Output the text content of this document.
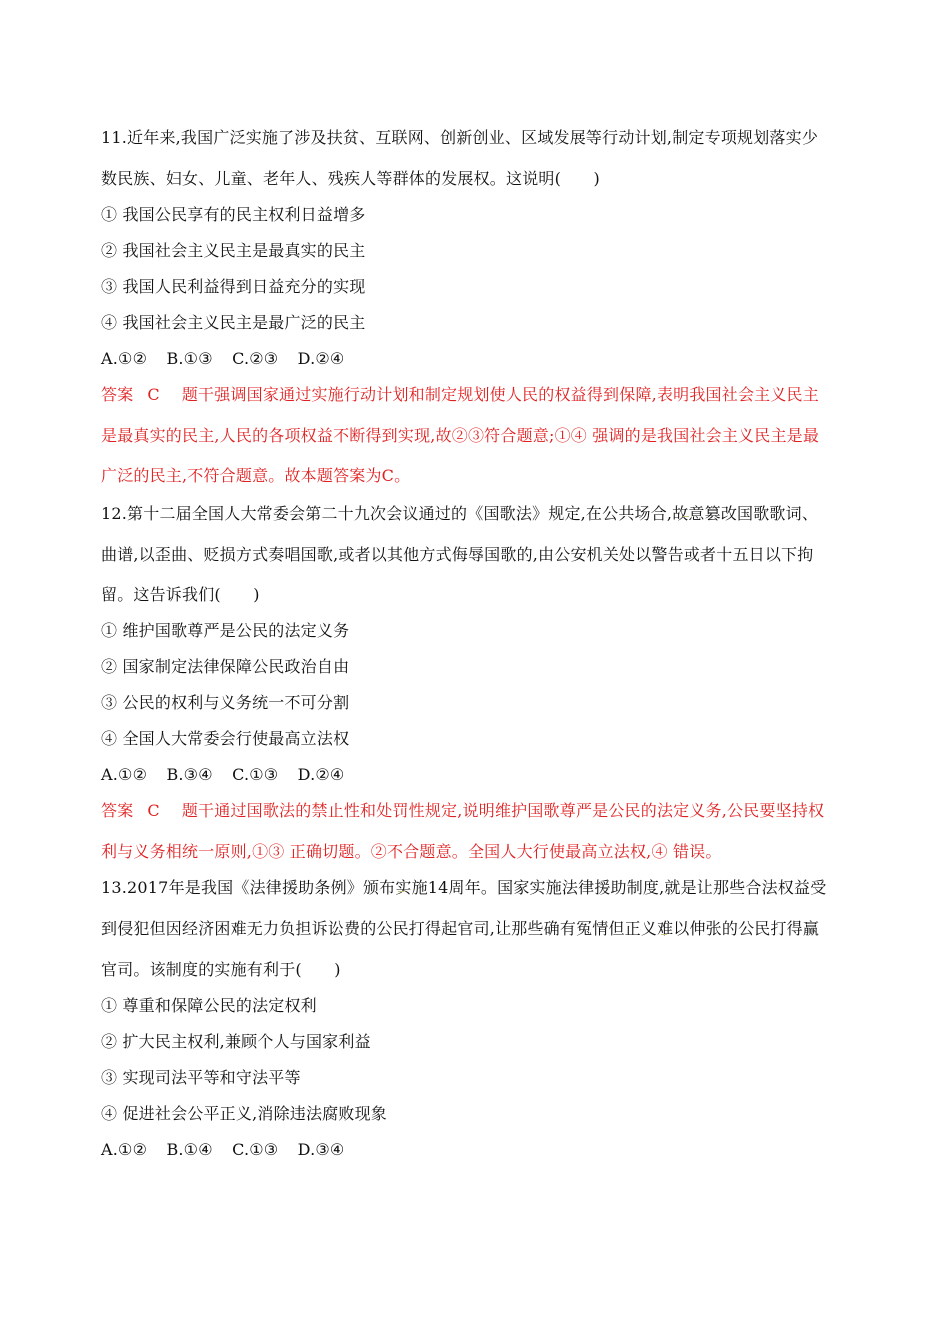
11.近年来,我国广泛实施了涉及扶贫、互联网、创新创业、区域发展等行动计划,制定专项规划落实少
数民族、妇女、儿童、老年人、残疾人等群体的发展权。这说明(　　)
① 我国公民享有的民主权利日益增多
② 我国社会主义民主是最真实的民主
③ 我国人民利益得到日益充分的实现
④ 我国社会主义民主是最广泛的民主
A.①② B.①③ C.②③ D.②④
答案 C 题干强调国家通过实施行动计划和制定规划使人民的权益得到保障,表明我国社会主义民主
是最真实的民主,人民的各项权益不断得到实现,故②③符合题意;①④ 强调的是我国社会主义民主是最
广泛的民主,不符合题意。故本题答案为C。
12.第十二届全国人大常委会第二十九次会议通过的《国歌法》规定,在公共场合,故意篡改国歌歌词、
曲谱,以歪曲、贬损方式奏唱国歌,或者以其他方式侮辱国歌的,由公安机关处以警告或者十五日以下拘
留。这告诉我们(　　)
① 维护国歌尊严是公民的法定义务
② 国家制定法律保障公民政治自由
③ 公民的权利与义务统一不可分割
④ 全国人大常委会行使最高立法权
A.①② B.③④ C.①③ D.②④
答案 C 题干通过国歌法的禁止性和处罚性规定,说明维护国歌尊严是公民的法定义务,公民要坚持权
利与义务相统一原则,①③ 正确切题。②不合题意。全国人大行使最高立法权,④ 错误。
13.2017年是我国《法律援助条例》颁布实施14周年。国家实施法律援助制度,就是让那些合法权益受
到侵犯但因经济困难无力负担诉讼费的公民打得起官司,让那些确有冤情但正义难以伸张的公民打得赢
官司。该制度的实施有利于(　　)
① 尊重和保障公民的法定权利
② 扩大民主权利,兼顾个人与国家利益
③ 实现司法平等和守法平等
④ 促进社会公平正义,消除违法腐败现象
A.①② B.①④ C.①③ D.③④
